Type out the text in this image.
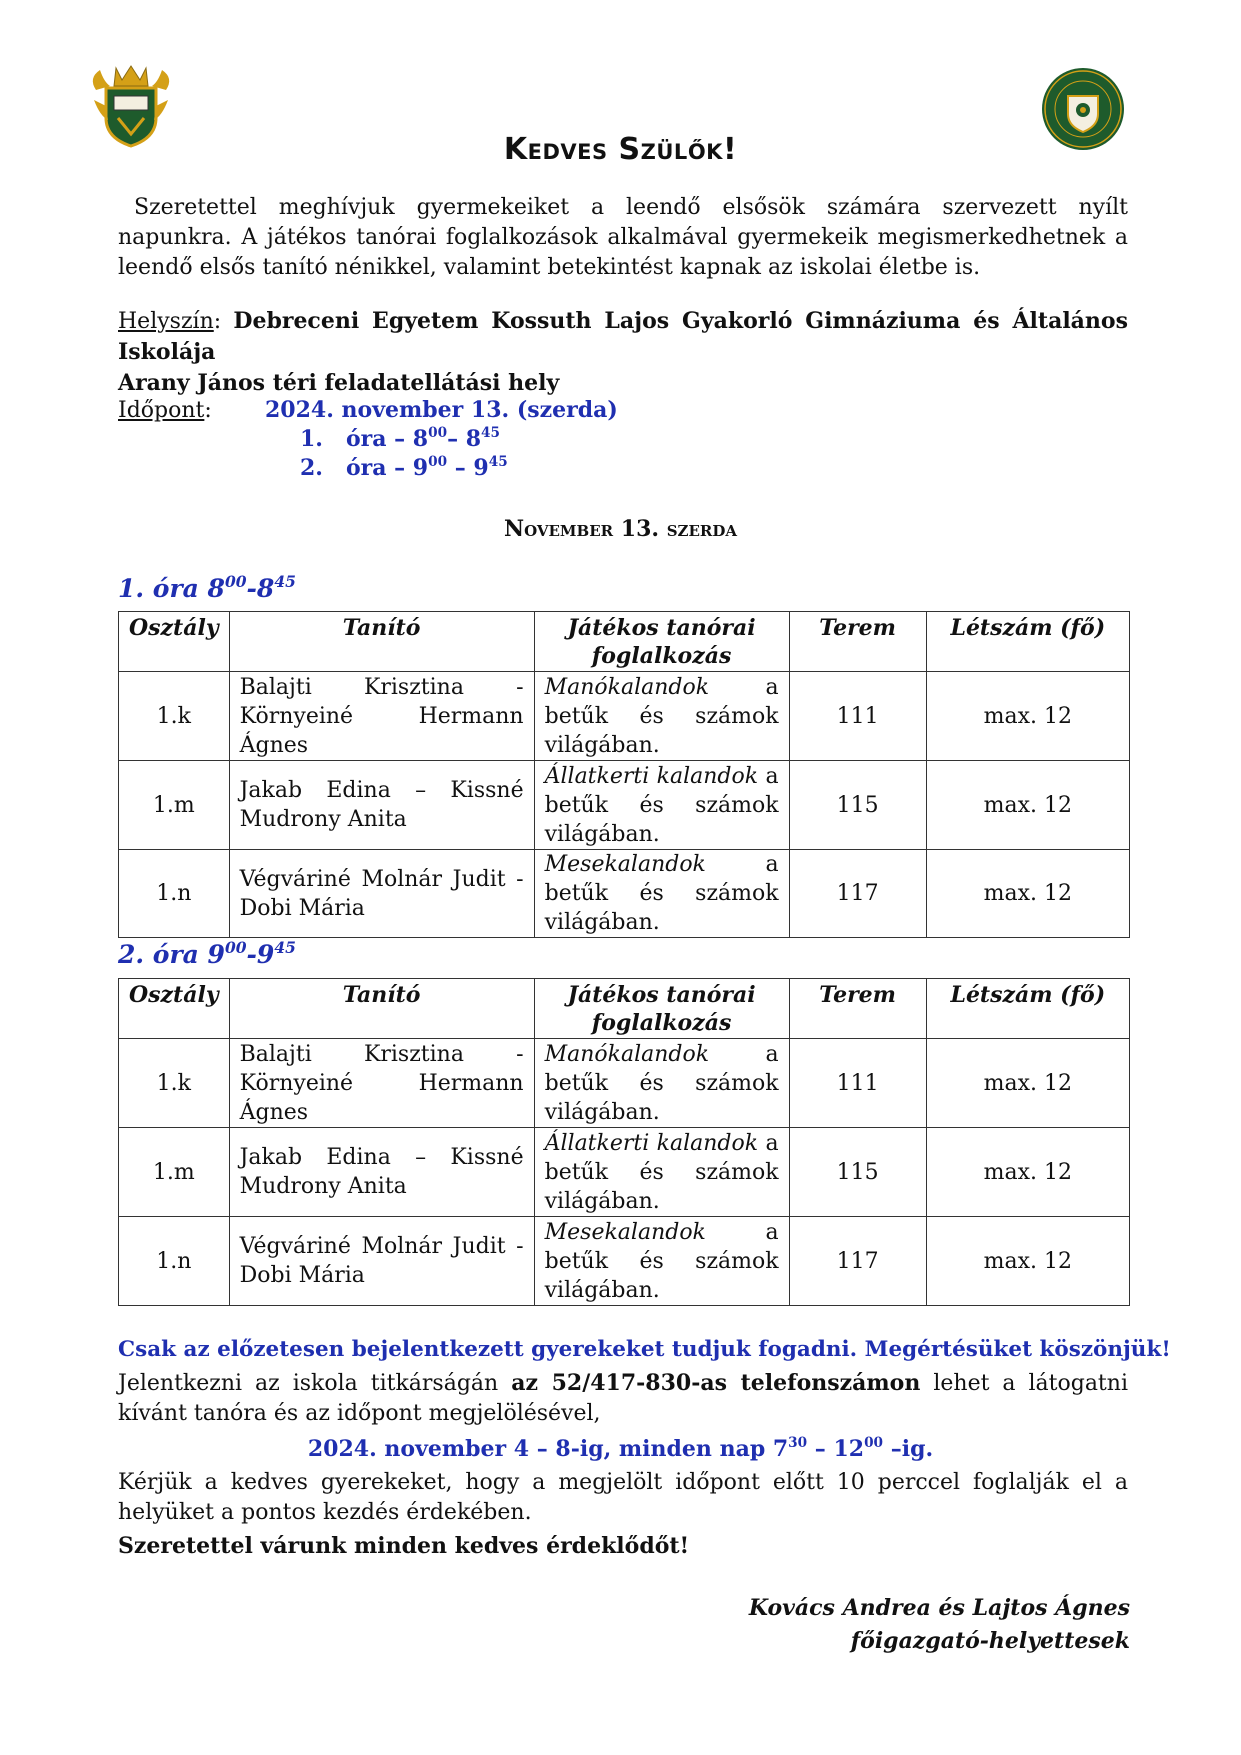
Kedves Szülők!
Szeretettel meghívjuk gyermekeiket a leendő elsősök számára szervezett nyílt napunkra. A játékos tanórai foglalkozások alkalmával gyermekeik megismerkedhetnek a leendő elsős tanító nénikkel, valamint betekintést kapnak az iskolai életbe is.
Helyszín: Debreceni Egyetem Kossuth Lajos Gyakorló Gimnáziuma és Általános Iskolája
Arany János téri feladatellátási hely
Időpont: 2024. november 13. (szerda)
1. óra – $8^{00}-$ $8^{45}$
2. óra – $9^{00} - 9^{45}$
November 13. szerda
1. óra $8^{00}-8^{45}$
Osztály	Tanító	Játékos tanórai foglalkozás	Terem	Létszám (fő)
1.k	Balajti Krisztina - Környeiné Hermann Ágnes	Manókalandok a betűk és számok világában.	111	max. 12
1.m	Jakab Edina – Kissné Mudrony Anita	Állatkerti kalandok a betűk és számok világában.	115	max. 12
1.n	Végváriné Molnár Judit - Dobi Mária	Mesekalandok a betűk és számok világában.	117	max. 12
2. óra $9^{00}-9^{45}$
Osztály	Tanító	Játékos tanórai foglalkozás	Terem	Létszám (fő)
1.k	Balajti Krisztina - Környeiné Hermann Ágnes	Manókalandok a betűk és számok világában.	111	max. 12
1.m	Jakab Edina – Kissné Mudrony Anita	Állatkerti kalandok a betűk és számok világában.	115	max. 12
1.n	Végváriné Molnár Judit - Dobi Mária	Mesekalandok a betűk és számok világában.	117	max. 12
Csak az előzetesen bejelentkezett gyerekeket tudjuk fogadni. Megértésüket köszönjük!
Jelentkezni az iskola titkárságán az 52/417-830-as telefonszámon lehet a látogatni kívánt tanóra és az időpont megjelölésével,
2024. november 4 – 8-ig, minden nap $7^{30} - 12^{00}$ –ig.
Kérjük a kedves gyerekeket, hogy a megjelölt időpont előtt 10 perccel foglalják el a helyüket a pontos kezdés érdekében.
Szeretettel várunk minden kedves érdeklődőt!
Kovács Andrea és Lajtos Ágnes
főigazgató-helyettesek
